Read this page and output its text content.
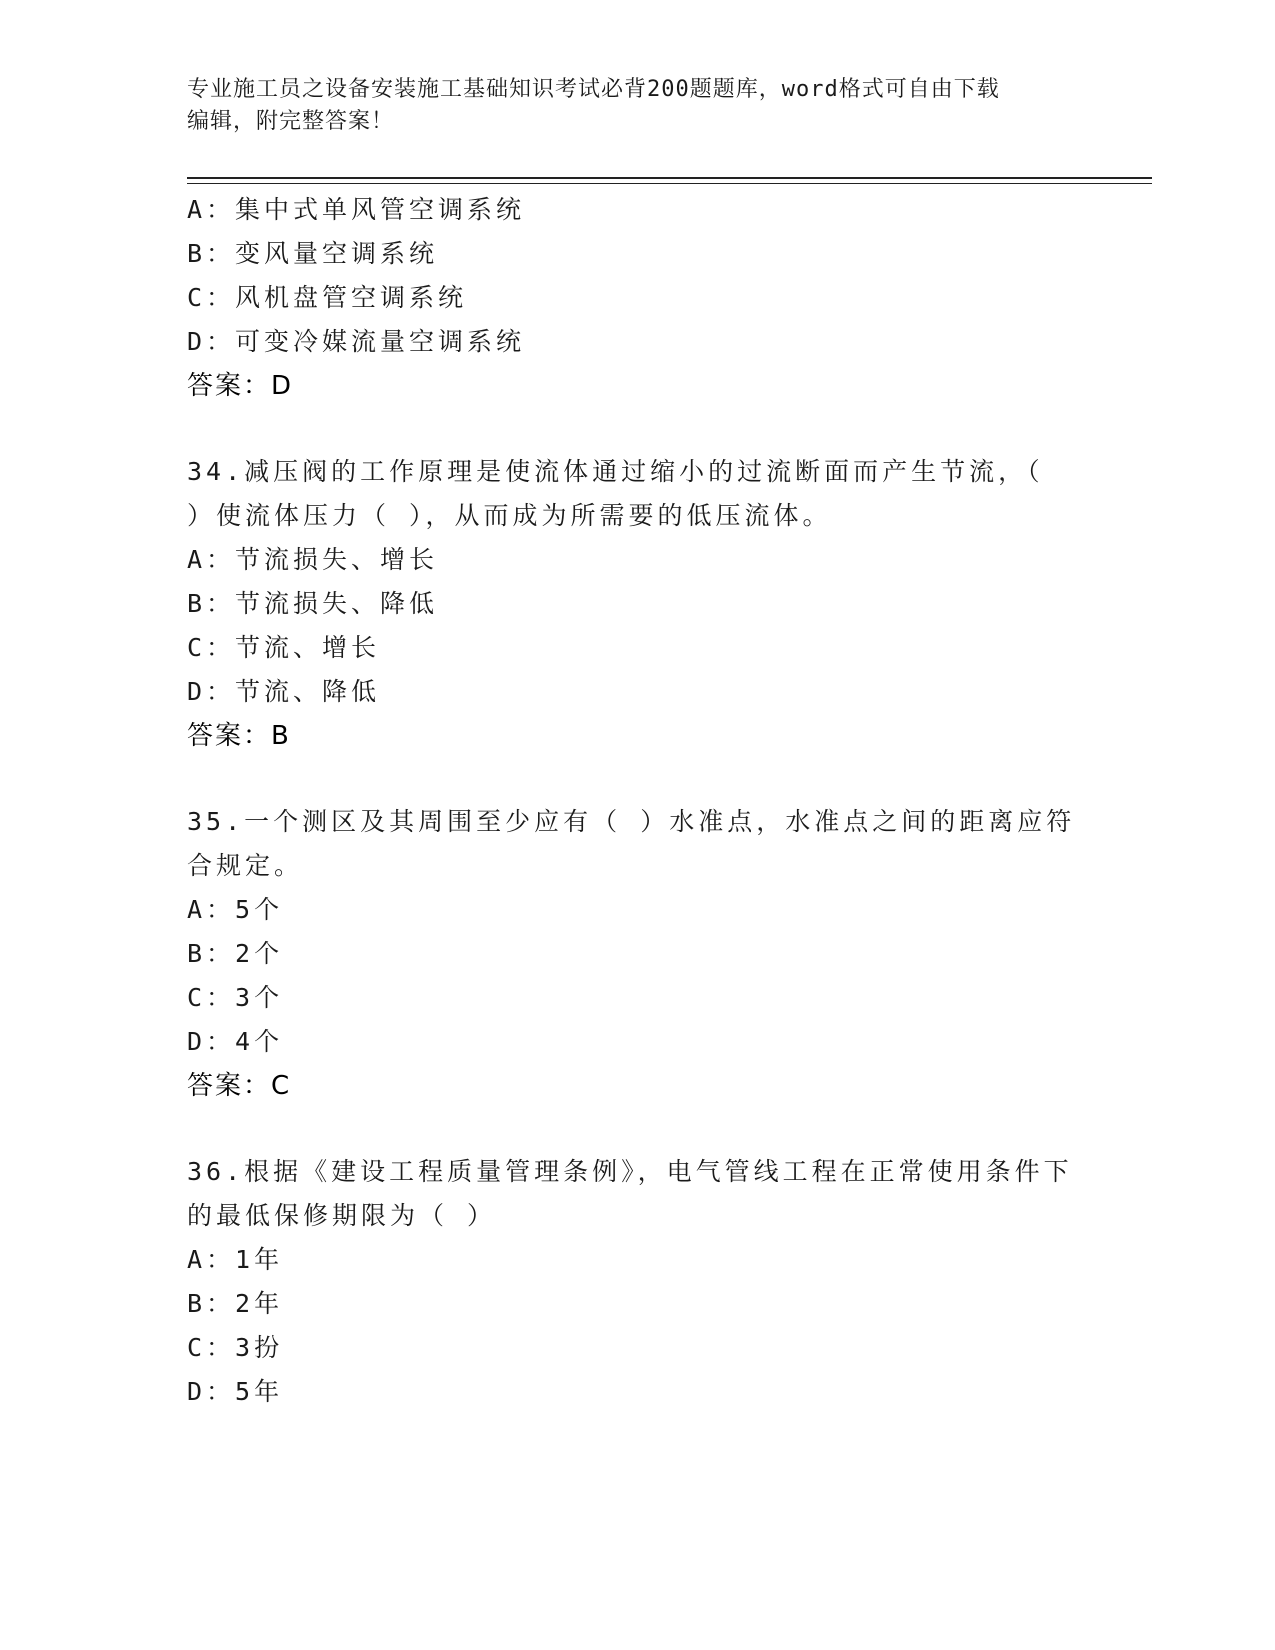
专业施工员之设备安装施工基础知识考试必背200题题库，word格式可自由下载
编辑，附完整答案！
A：集中式单风管空调系统
B：变风量空调系统
C：风机盘管空调系统
D：可变冷媒流量空调系统
答案：D
34.减压阀的工作原理是使流体通过缩小的过流断面而产生节流，（
）使流体压力（ ），从而成为所需要的低压流体。
A：节流损失、增长
B：节流损失、降低
C：节流、增长
D：节流、降低
答案：B
35.一个测区及其周围至少应有（ ）水准点，水准点之间的距离应符
合规定。
A：5个
B：2个
C：3个
D：4个
答案：C
36.根据《建设工程质量管理条例》，电气管线工程在正常使用条件下
的最低保修期限为（ ）
A：1年
B：2年
C：3扮
D：5年
